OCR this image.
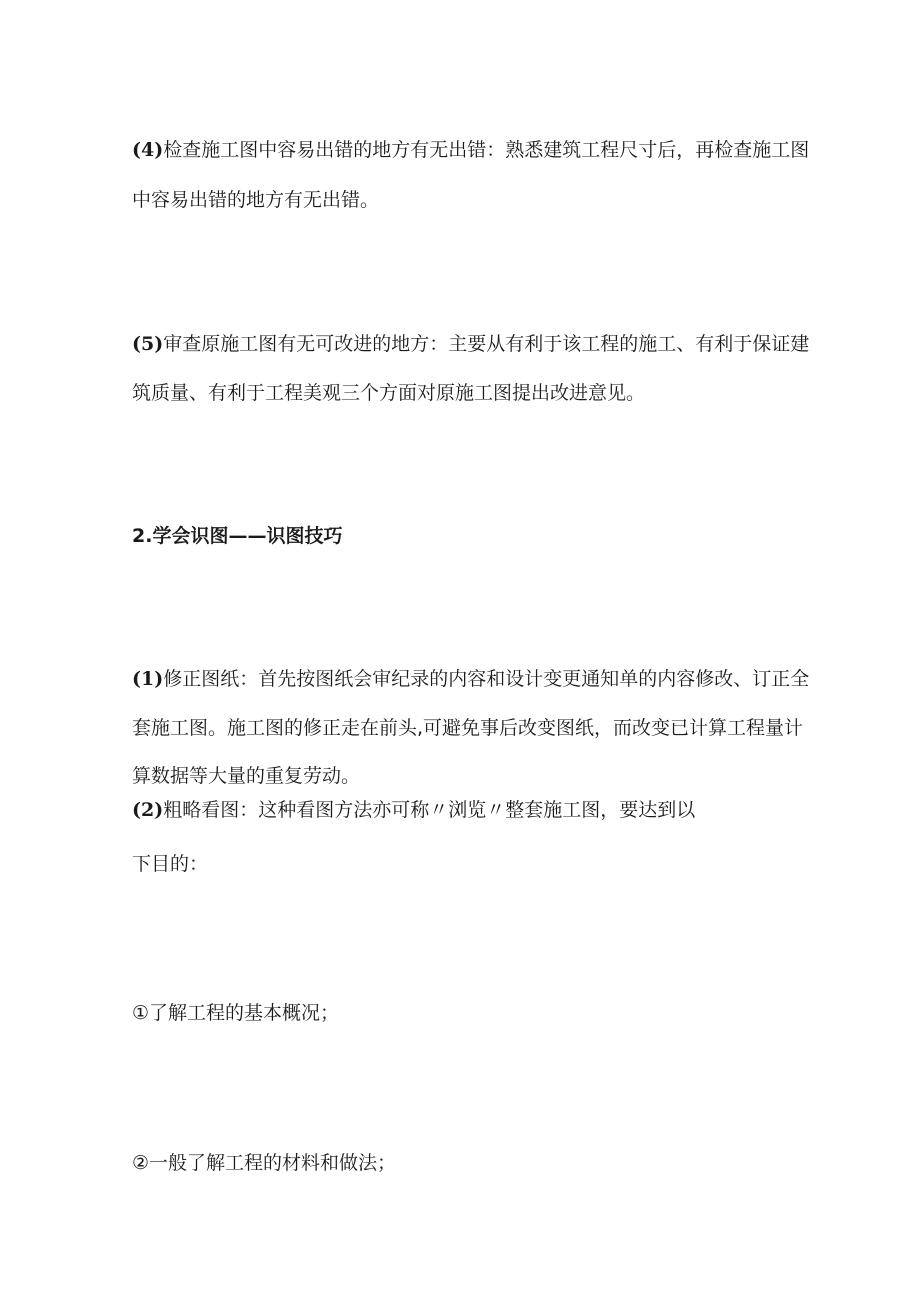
(4)检查施工图中容易出错的地方有无出错：熟悉建筑工程尺寸后，再检查施工图
中容易出错的地方有无出错。
(5)审查原施工图有无可改进的地方：主要从有利于该工程的施工、有利于保证建
筑质量、有利于工程美观三个方面对原施工图提出改进意见。
2.学会识图——识图技巧
(1)修正图纸：首先按图纸会审纪录的内容和设计变更通知单的内容修改、订正全
套施工图。施工图的修正走在前头,可避免事后改变图纸，而改变已计算工程量计
算数据等大量的重复劳动。
(2)粗略看图：这种看图方法亦可称〃浏览〃整套施工图，要达到以
下目的：
①了解工程的基本概况；
②一般了解工程的材料和做法；
